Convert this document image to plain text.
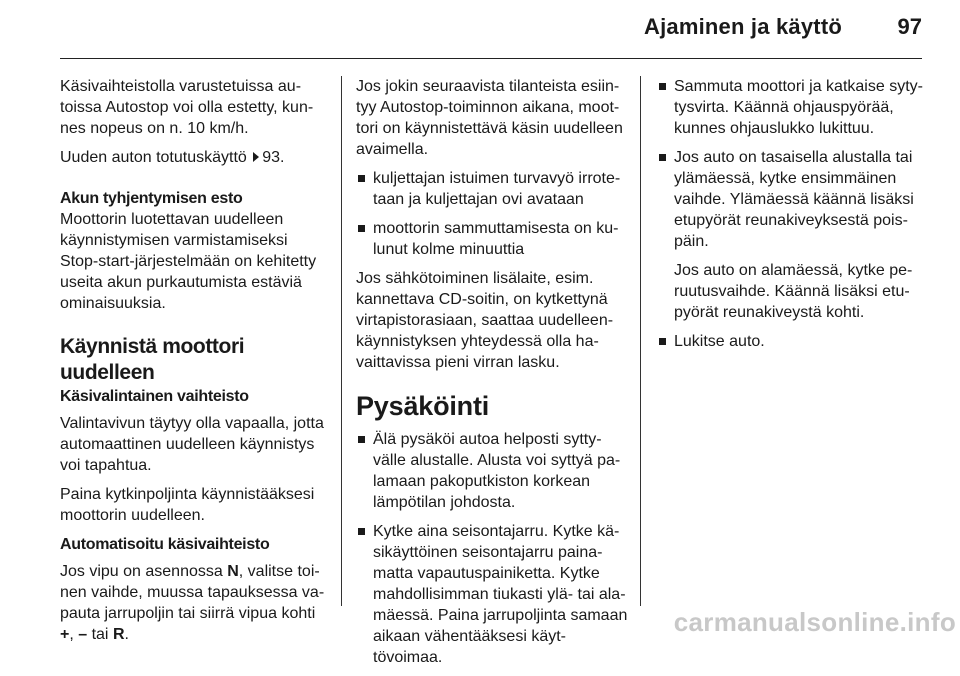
Ajaminen ja käyttö	97

Käsivaihteistolla varustetuissa autoissa Autostop voi olla estetty, kunnes nopeus on n. 10 km/h.

Uuden auton totutuskäyttö 93.

Akun tyhjentymisen esto

Moottorin luotettavan uudelleen käynnistymisen varmistamiseksi Stop-start-järjestelmään on kehitetty useita akun purkautumista estäviä ominaisuuksia.

Käynnistä moottori uudelleen
Käsivalintainen vaihteisto

Valintavivun täytyy olla vapaalla, jotta automaattinen uudelleen käynnistys voi tapahtua.

Paina kytkinpoljinta käynnistääksesi moottorin uudelleen.

Automatisoitu käsivaihteisto

Jos vipu on asennossa N, valitse toinen vaihde, muussa tapauksessa vapauta jarrupoljin tai siirrä vipua kohti +, – tai R.

Jos jokin seuraavista tilanteista esiintyy Autostop-toiminnon aikana, moottori on käynnistettävä käsin uudelleen avaimella.

kuljettajan istuimen turvavyö irrotetaan ja kuljettajan ovi avataan
moottorin sammuttamisesta on kulunut kolme minuuttia

Jos sähkötoiminen lisälaite, esim. kannettava CD-soitin, on kytkettynä virtapistorasiaan, saattaa uudelleenkäynnistyksen yhteydessä olla havaittavissa pieni virran lasku.

Pysäköinti
Älä pysäköi autoa helposti syttyvälle alustalle. Alusta voi syttyä palamaan pakoputkiston korkean lämpötilan johdosta.
Kytke aina seisontajarru. Kytke käsikäyttöinen seisontajarru painamatta vapautuspainiketta. Kytke mahdollisimman tiukasti ylä- tai alamäessä. Paina jarrupoljinta samaan aikaan vähentääksesi käyttövoimaa.
Sammuta moottori ja katkaise sytytysvirta. Käännä ohjauspyörää, kunnes ohjauslukko lukittuu.
Jos auto on tasaisella alustalla tai ylämäessä, kytke ensimmäinen vaihde. Ylämäessä käännä lisäksi etupyörät reunakiveyksestä poispäin.
Jos auto on alamäessä, kytke peruutusvaihde. Käännä lisäksi etupyörät reunakiveystä kohti.
Lukitse auto.
carmanualsonline.info
